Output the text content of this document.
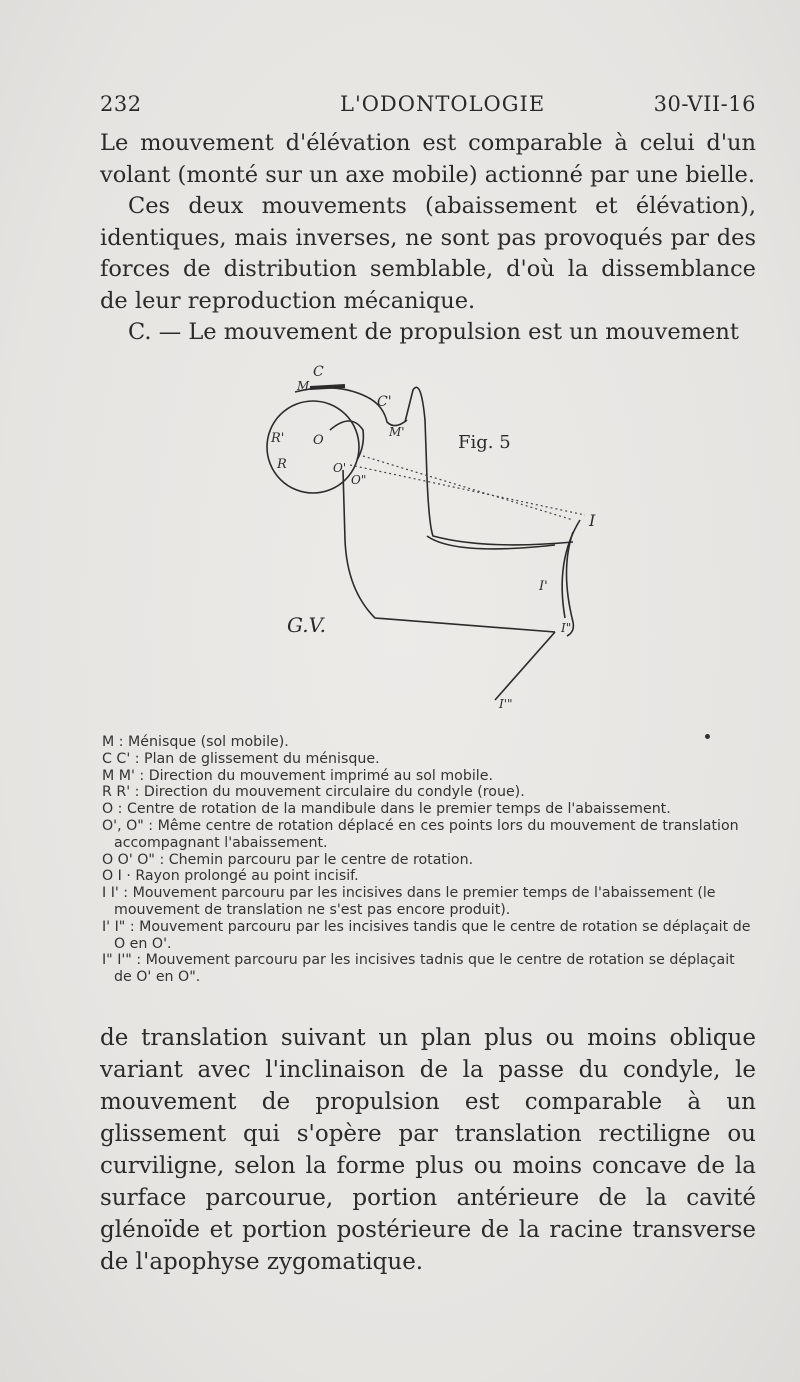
232	L'ODONTOLOGIE	30-VII-16

Le mouvement d'élévation est comparable à celui d'un volant (monté sur un axe mobile) actionné par une bielle.

Ces deux mouvements (abaissement et élévation), identiques, mais inverses, ne sont pas provoqués par des forces de distribution semblable, d'où la dissemblance de leur reproduction mécanique.

C. — Le mouvement de propulsion est un mouvement

C
M
C'
M'
R'
R
O
O'
O"
I
I'
I"
I'"
G.V.
Fig. 5
M : Ménisque (sol mobile).
C C' : Plan de glissement du ménisque.
M M' : Direction du mouvement imprimé au sol mobile.
R R' : Direction du mouvement circulaire du condyle (roue).
O : Centre de rotation de la mandibule dans le premier temps de l'abaissement.
O', O" : Même centre de rotation déplacé en ces points lors du mouvement de translation accompagnant l'abaissement.
O O' O" : Chemin parcouru par le centre de rotation.
O I · Rayon prolongé au point incisif.
I I' : Mouvement parcouru par les incisives dans le premier temps de l'abaissement (le mouvement de translation ne s'est pas encore produit).
I' I" : Mouvement parcouru par les incisives tandis que le centre de rotation se déplaçait de O en O'.
I" I'" : Mouvement parcouru par les incisives tadnis que le centre de rotation se déplaçait de O' en O".

de translation suivant un plan plus ou moins oblique variant avec l'inclinaison de la passe du condyle, le mouvement de propulsion est comparable à un glissement qui s'opère par translation rectiligne ou curviligne, selon la forme plus ou moins concave de la surface parcourue, portion antérieure de la cavité glénoïde et portion postérieure de la racine transverse de l'apophyse zygomatique.
